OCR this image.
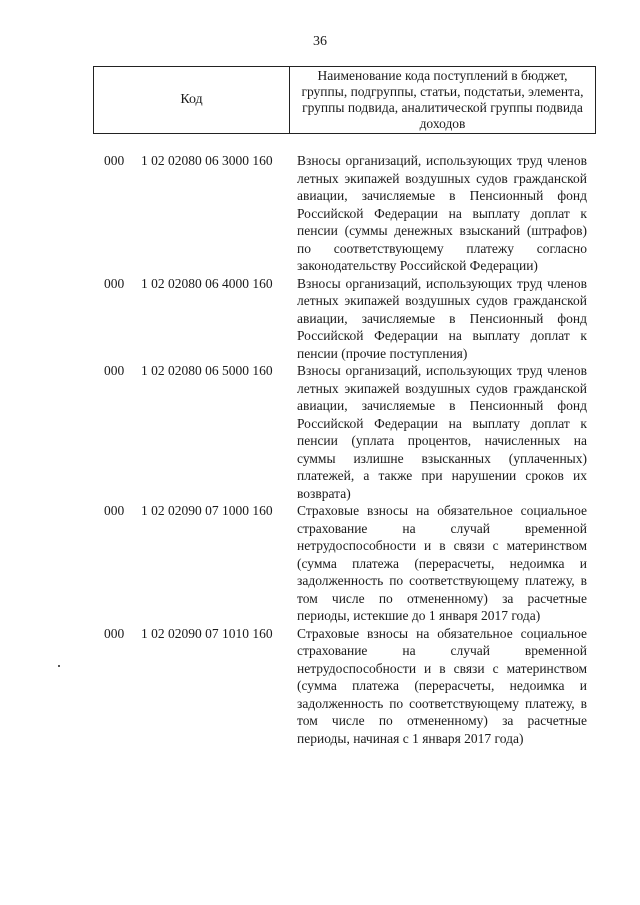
36
Код
Наименование кода поступлений в бюджет, группы, подгруппы, статьи, подстатьи, элемента, группы подвида, аналитической группы подвида доходов
000 1 02 02080 06 3000 160 Взносы организаций, использующих труд членов летных экипажей воздушных судов гражданской авиации, зачисляемые в Пенсионный фонд Российской Федерации на выплату доплат к пенсии (суммы денежных взысканий (штрафов) по соответствующему платежу согласно законодательству Российской Федерации)
000 1 02 02080 06 4000 160 Взносы организаций, использующих труд членов летных экипажей воздушных судов гражданской авиации, зачисляемые в Пенсионный фонд Российской Федерации на выплату доплат к пенсии (прочие поступления)
000 1 02 02080 06 5000 160 Взносы организаций, использующих труд членов летных экипажей воздушных судов гражданской авиации, зачисляемые в Пенсионный фонд Российской Федерации на выплату доплат к пенсии (уплата процентов, начисленных на суммы излишне взысканных (уплаченных) платежей, а также при нарушении сроков их возврата)
000 1 02 02090 07 1000 160 Страховые взносы на обязательное социальное страхование на случай временной нетрудоспособности и в связи с материнством (сумма платежа (перерасчеты, недоимка и задолженность по соответствующему платежу, в том числе по отмененному) за расчетные периоды, истекшие до 1 января 2017 года)
000 1 02 02090 07 1010 160 Страховые взносы на обязательное социальное страхование на случай временной нетрудоспособности и в связи с материнством (сумма платежа (перерасчеты, недоимка и задолженность по соответствующему платежу, в том числе по отмененному) за расчетные периоды, начиная с 1 января 2017 года)
